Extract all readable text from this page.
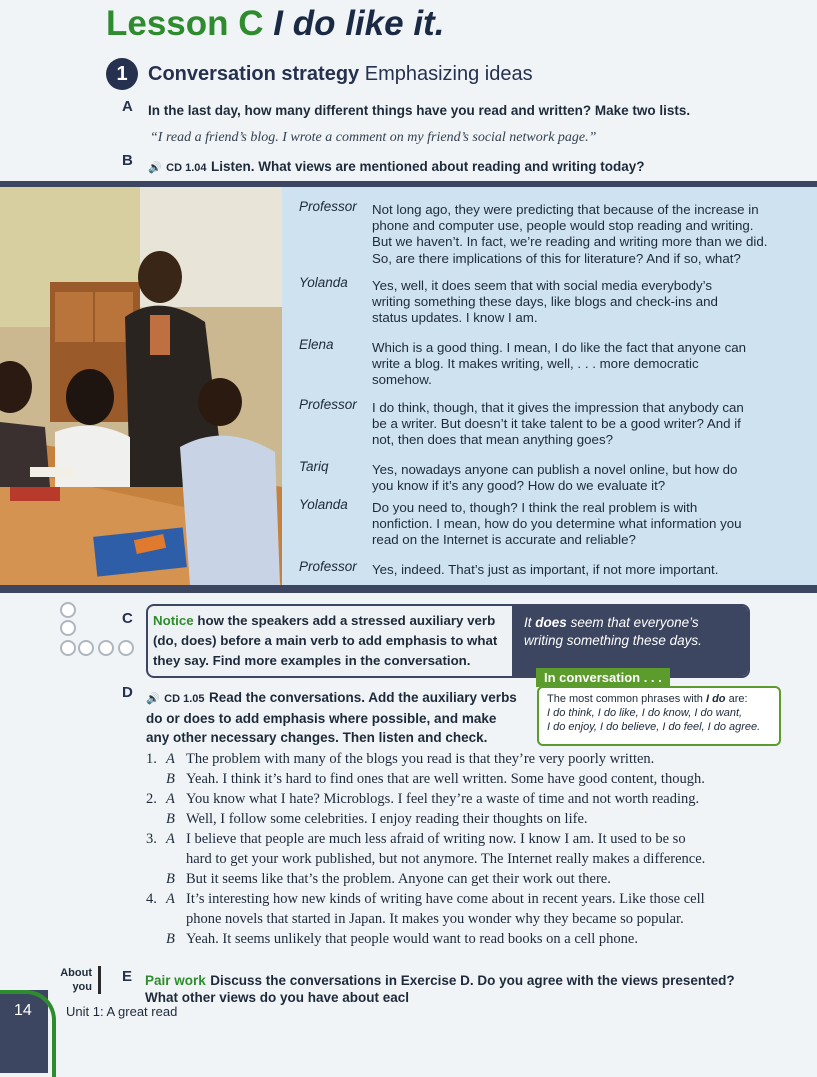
Lesson C I do like it.
1	Conversation strategy Emphasizing ideas
A In the last day, how many different things have you read and written? Make two lists.
“I read a friend’s blog. I wrote a comment on my friend’s social network page.”
B 🔊 CD 1.04 Listen. What views are mentioned about reading and writing today?
Professor Not long ago, they were predicting that because of the increase in
phone and computer use, people would stop reading and writing.
But we haven’t. In fact, we’re reading and writing more than we did.
So, are there implications of this for literature? And if so, what?
Yolanda Yes, well, it does seem that with social media everybody’s
writing something these days, like blogs and check-ins and
status updates. I know I am.
Elena	Which is a good thing. I mean, I do like the fact that anyone can
write a blog. It makes writing, well, . . . more democratic
somehow.
Professor I do think, though, that it gives the impression that anybody can
be a writer. But doesn’t it take talent to be a good writer? And if
not, then does that mean anything goes?
Tariq	Yes, nowadays anyone can publish a novel online, but how do
you know if it’s any good? How do we evaluate it?
Yolanda Do you need to, though? I think the real problem is with
nonfiction. I mean, how do you determine what information you
read on the Internet is accurate and reliable?
Professor Yes, indeed. That’s just as important, if not more important.
C Notice how the speakers add a stressed auxiliary verb
(do, does) before a main verb to add emphasis to what
they say. Find more examples in the conversation.
It does seem that everyone’s
writing something these days.
In conversation . . .
The most common phrases with I do are:
I do think, I do like, I do know, I do want,
I do enjoy, I do believe, I do feel, I do agree.
D 🔊 CD 1.05 Read the conversations. Add the auxiliary verbs
do or does to add emphasis where possible, and make
any other necessary changes. Then listen and check.
1. A The problem with many of the blogs you read is that they’re very poorly written.
B Yeah. I think it’s hard to find ones that are well written. Some have good content, though.
2. A You know what I hate? Microblogs. I feel they’re a waste of time and not worth reading.
B Well, I follow some celebrities. I enjoy reading their thoughts on life.
3. A I believe that people are much less afraid of writing now. I know I am. It used to be so
hard to get your work published, but not anymore. The Internet really makes a difference.
B But it seems like that’s the problem. Anyone can get their work out there.
4. A It’s interesting how new kinds of writing have come about in recent years. Like those cell
phone novels that started in Japan. It makes you wonder why they became so popular.
B Yeah. It seems unlikely that people would want to read books on a cell phone.
About
you
E Pair work Discuss the conversations in Exercise D. Do you agree with the views presented?
What other views do you have about eacl
14	Unit 1: A great read
